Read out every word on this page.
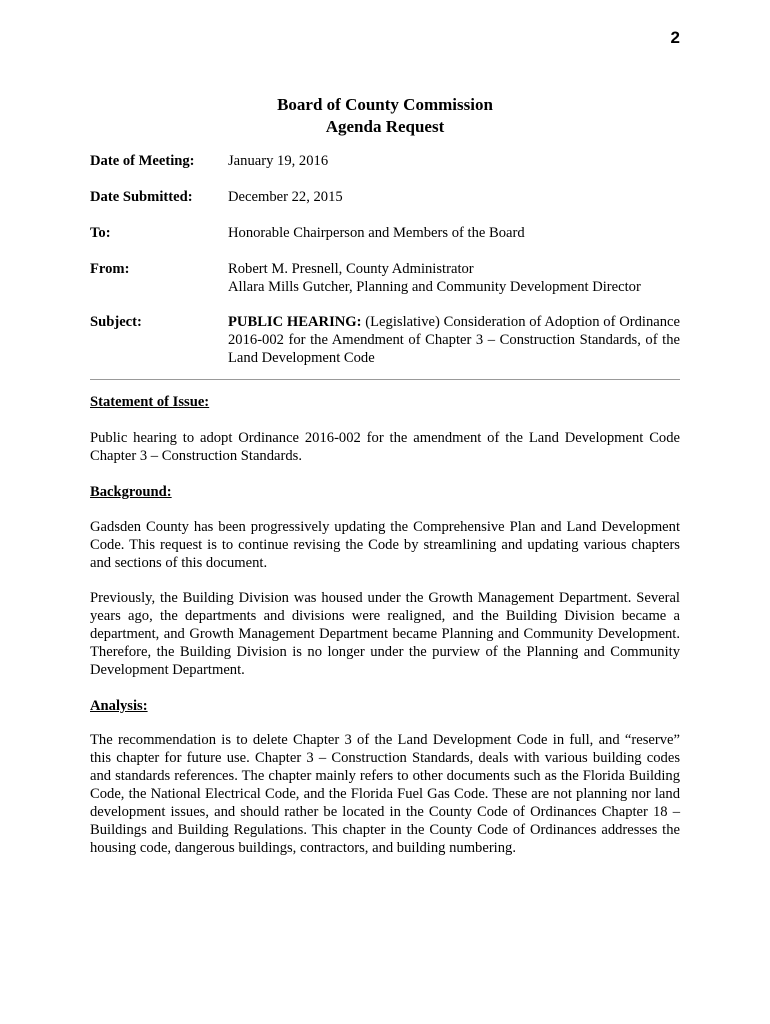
2
Board of County Commission
Agenda Request
Date of Meeting: January 19, 2016
Date Submitted: December 22, 2015
To:	Honorable Chairperson and Members of the Board
From:	Robert M. Presnell, County Administrator
Allara Mills Gutcher, Planning and Community Development Director
Subject:	PUBLIC HEARING: (Legislative) Consideration of Adoption of Ordinance 2016-002 for the Amendment of Chapter 3 – Construction Standards, of the Land Development Code
Statement of Issue:
Public hearing to adopt Ordinance 2016-002 for the amendment of the Land Development Code Chapter 3 – Construction Standards.
Background:
Gadsden County has been progressively updating the Comprehensive Plan and Land Development Code. This request is to continue revising the Code by streamlining and updating various chapters and sections of this document.
Previously, the Building Division was housed under the Growth Management Department. Several years ago, the departments and divisions were realigned, and the Building Division became a department, and Growth Management Department became Planning and Community Development. Therefore, the Building Division is no longer under the purview of the Planning and Community Development Department.
Analysis:
The recommendation is to delete Chapter 3 of the Land Development Code in full, and “reserve” this chapter for future use. Chapter 3 – Construction Standards, deals with various building codes and standards references. The chapter mainly refers to other documents such as the Florida Building Code, the National Electrical Code, and the Florida Fuel Gas Code. These are not planning nor land development issues, and should rather be located in the County Code of Ordinances Chapter 18 – Buildings and Building Regulations. This chapter in the County Code of Ordinances addresses the housing code, dangerous buildings, contractors, and building numbering.
